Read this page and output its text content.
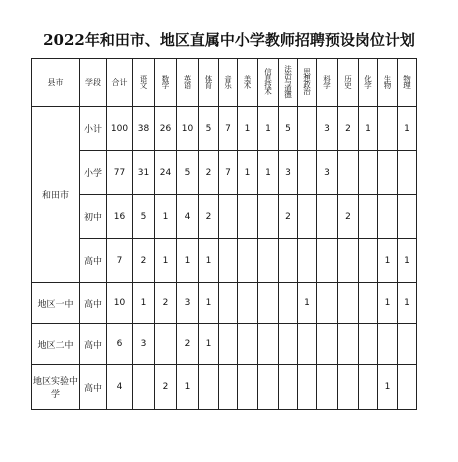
2022年和田市、地区直属中小学教师招聘预设岗位计划
县市	学段	合计	语文	数学	英语	体育	音乐	美术	信息技术	法治与道德	思想政治	科学	历史	化学	生物	物理
和田市	小计	100	38	26	10	5	7	1	1	5		3	2	1		1
	小学	77	31	24	5	2	7	1	1	3		3				
	初中	16	5	1	4	2				2			2			
	高中	7	2	1	1	1									1	1
地区一中	高中	10	1	2	3	1					1				1	1
地区二中	高中	6	3		2	1										
地区实验中学	高中	4		2	1										1	
